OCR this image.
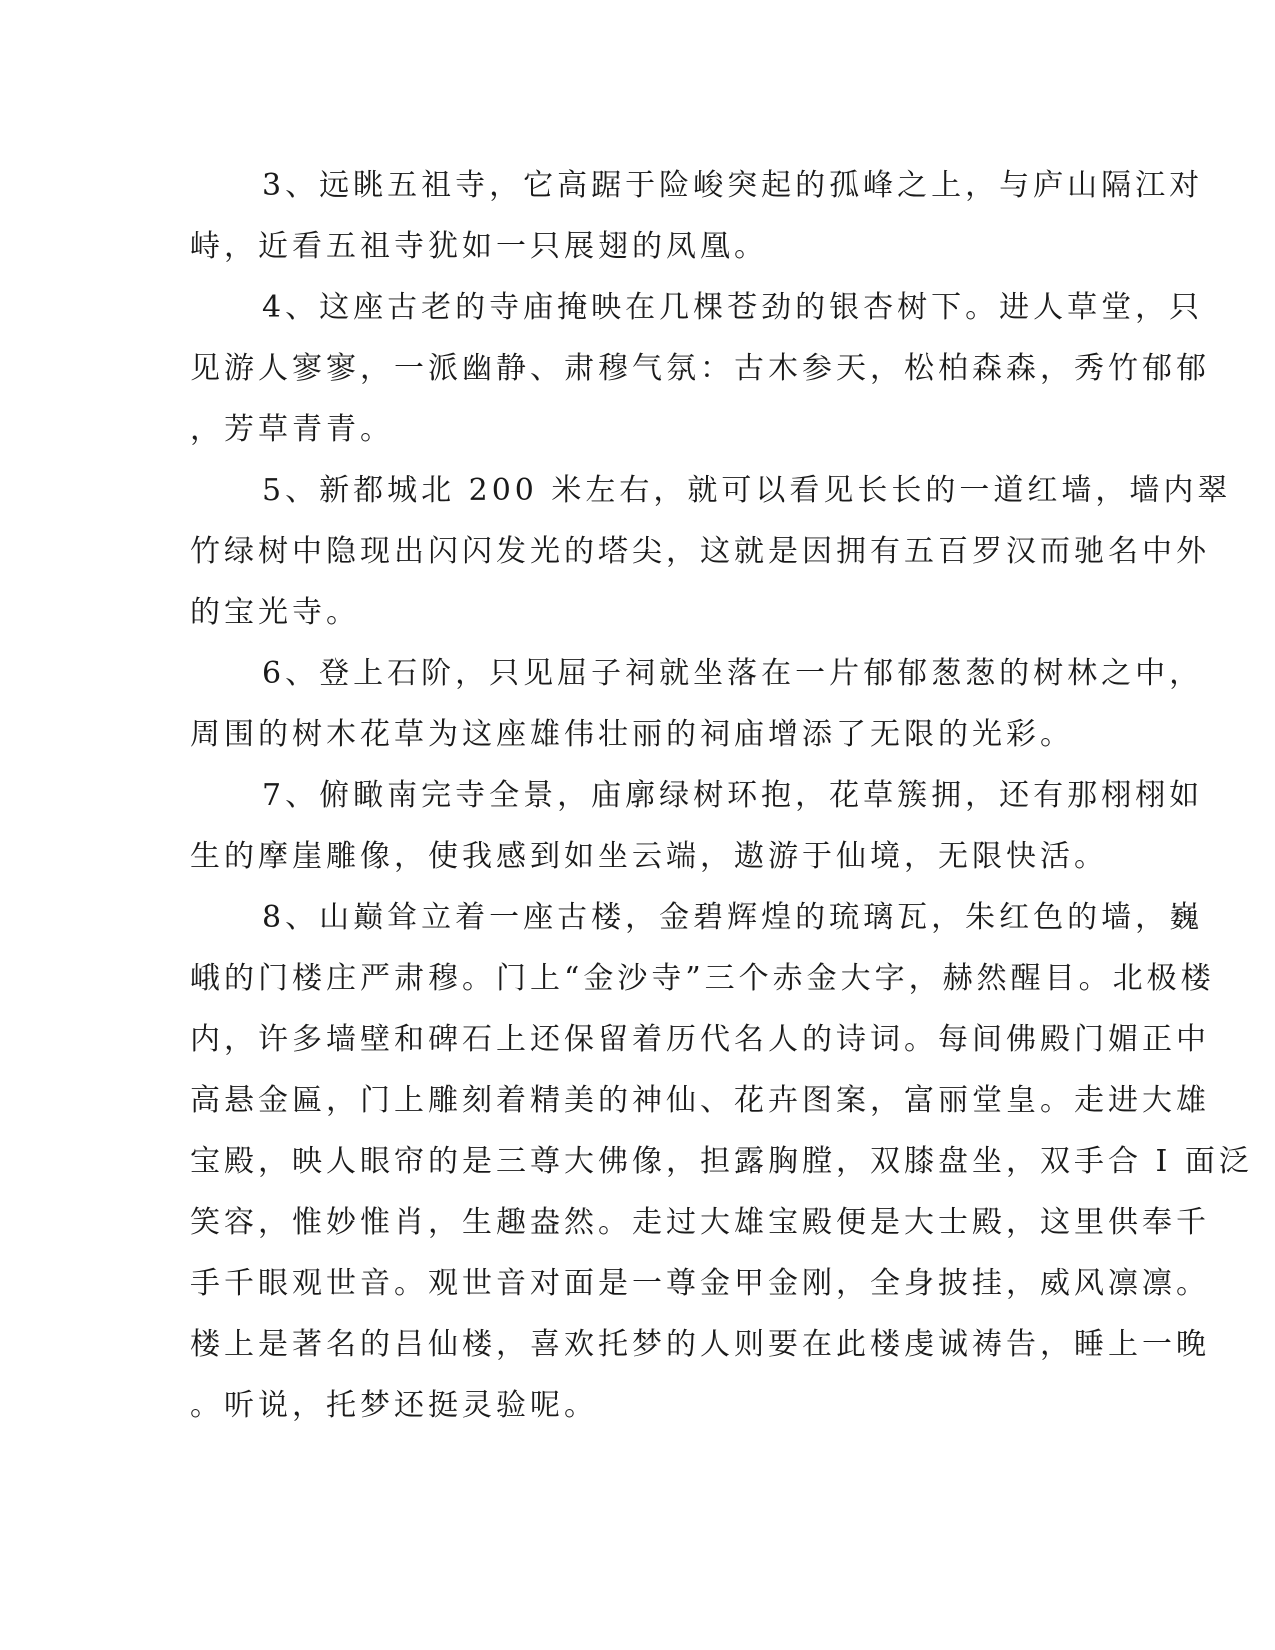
3、远眺五祖寺，它高踞于险峻突起的孤峰之上，与庐山隔江对
峙，近看五祖寺犹如一只展翅的凤凰。
4、这座古老的寺庙掩映在几棵苍劲的银杏树下。进人草堂，只
见游人寥寥，一派幽静、肃穆气氛：古木参天，松柏森森，秀竹郁郁
，芳草青青。
5、新都城北 200 米左右，就可以看见长长的一道红墙，墙内翠
竹绿树中隐现出闪闪发光的塔尖，这就是因拥有五百罗汉而驰名中外
的宝光寺。
6、登上石阶，只见屈子祠就坐落在一片郁郁葱葱的树林之中，
周围的树木花草为这座雄伟壮丽的祠庙增添了无限的光彩。
7、俯瞰南完寺全景，庙廓绿树环抱，花草簇拥，还有那栩栩如
生的摩崖雕像，使我感到如坐云端，遨游于仙境，无限快活。
8、山巅耸立着一座古楼，金碧辉煌的琉璃瓦，朱红色的墙，巍
峨的门楼庄严肃穆。门上“金沙寺”三个赤金大字，赫然醒目。北极楼
内，许多墙壁和碑石上还保留着历代名人的诗词。每间佛殿门媚正中
高悬金匾，门上雕刻着精美的神仙、花卉图案，富丽堂皇。走进大雄
宝殿，映人眼帘的是三尊大佛像，担露胸膛，双膝盘坐，双手合 I 面泛
笑容，惟妙惟肖，生趣盎然。走过大雄宝殿便是大士殿，这里供奉千
手千眼观世音。观世音对面是一尊金甲金刚，全身披挂，威风凛凛。
楼上是著名的吕仙楼，喜欢托梦的人则要在此楼虔诚祷告，睡上一晚
。听说，托梦还挺灵验呢。
